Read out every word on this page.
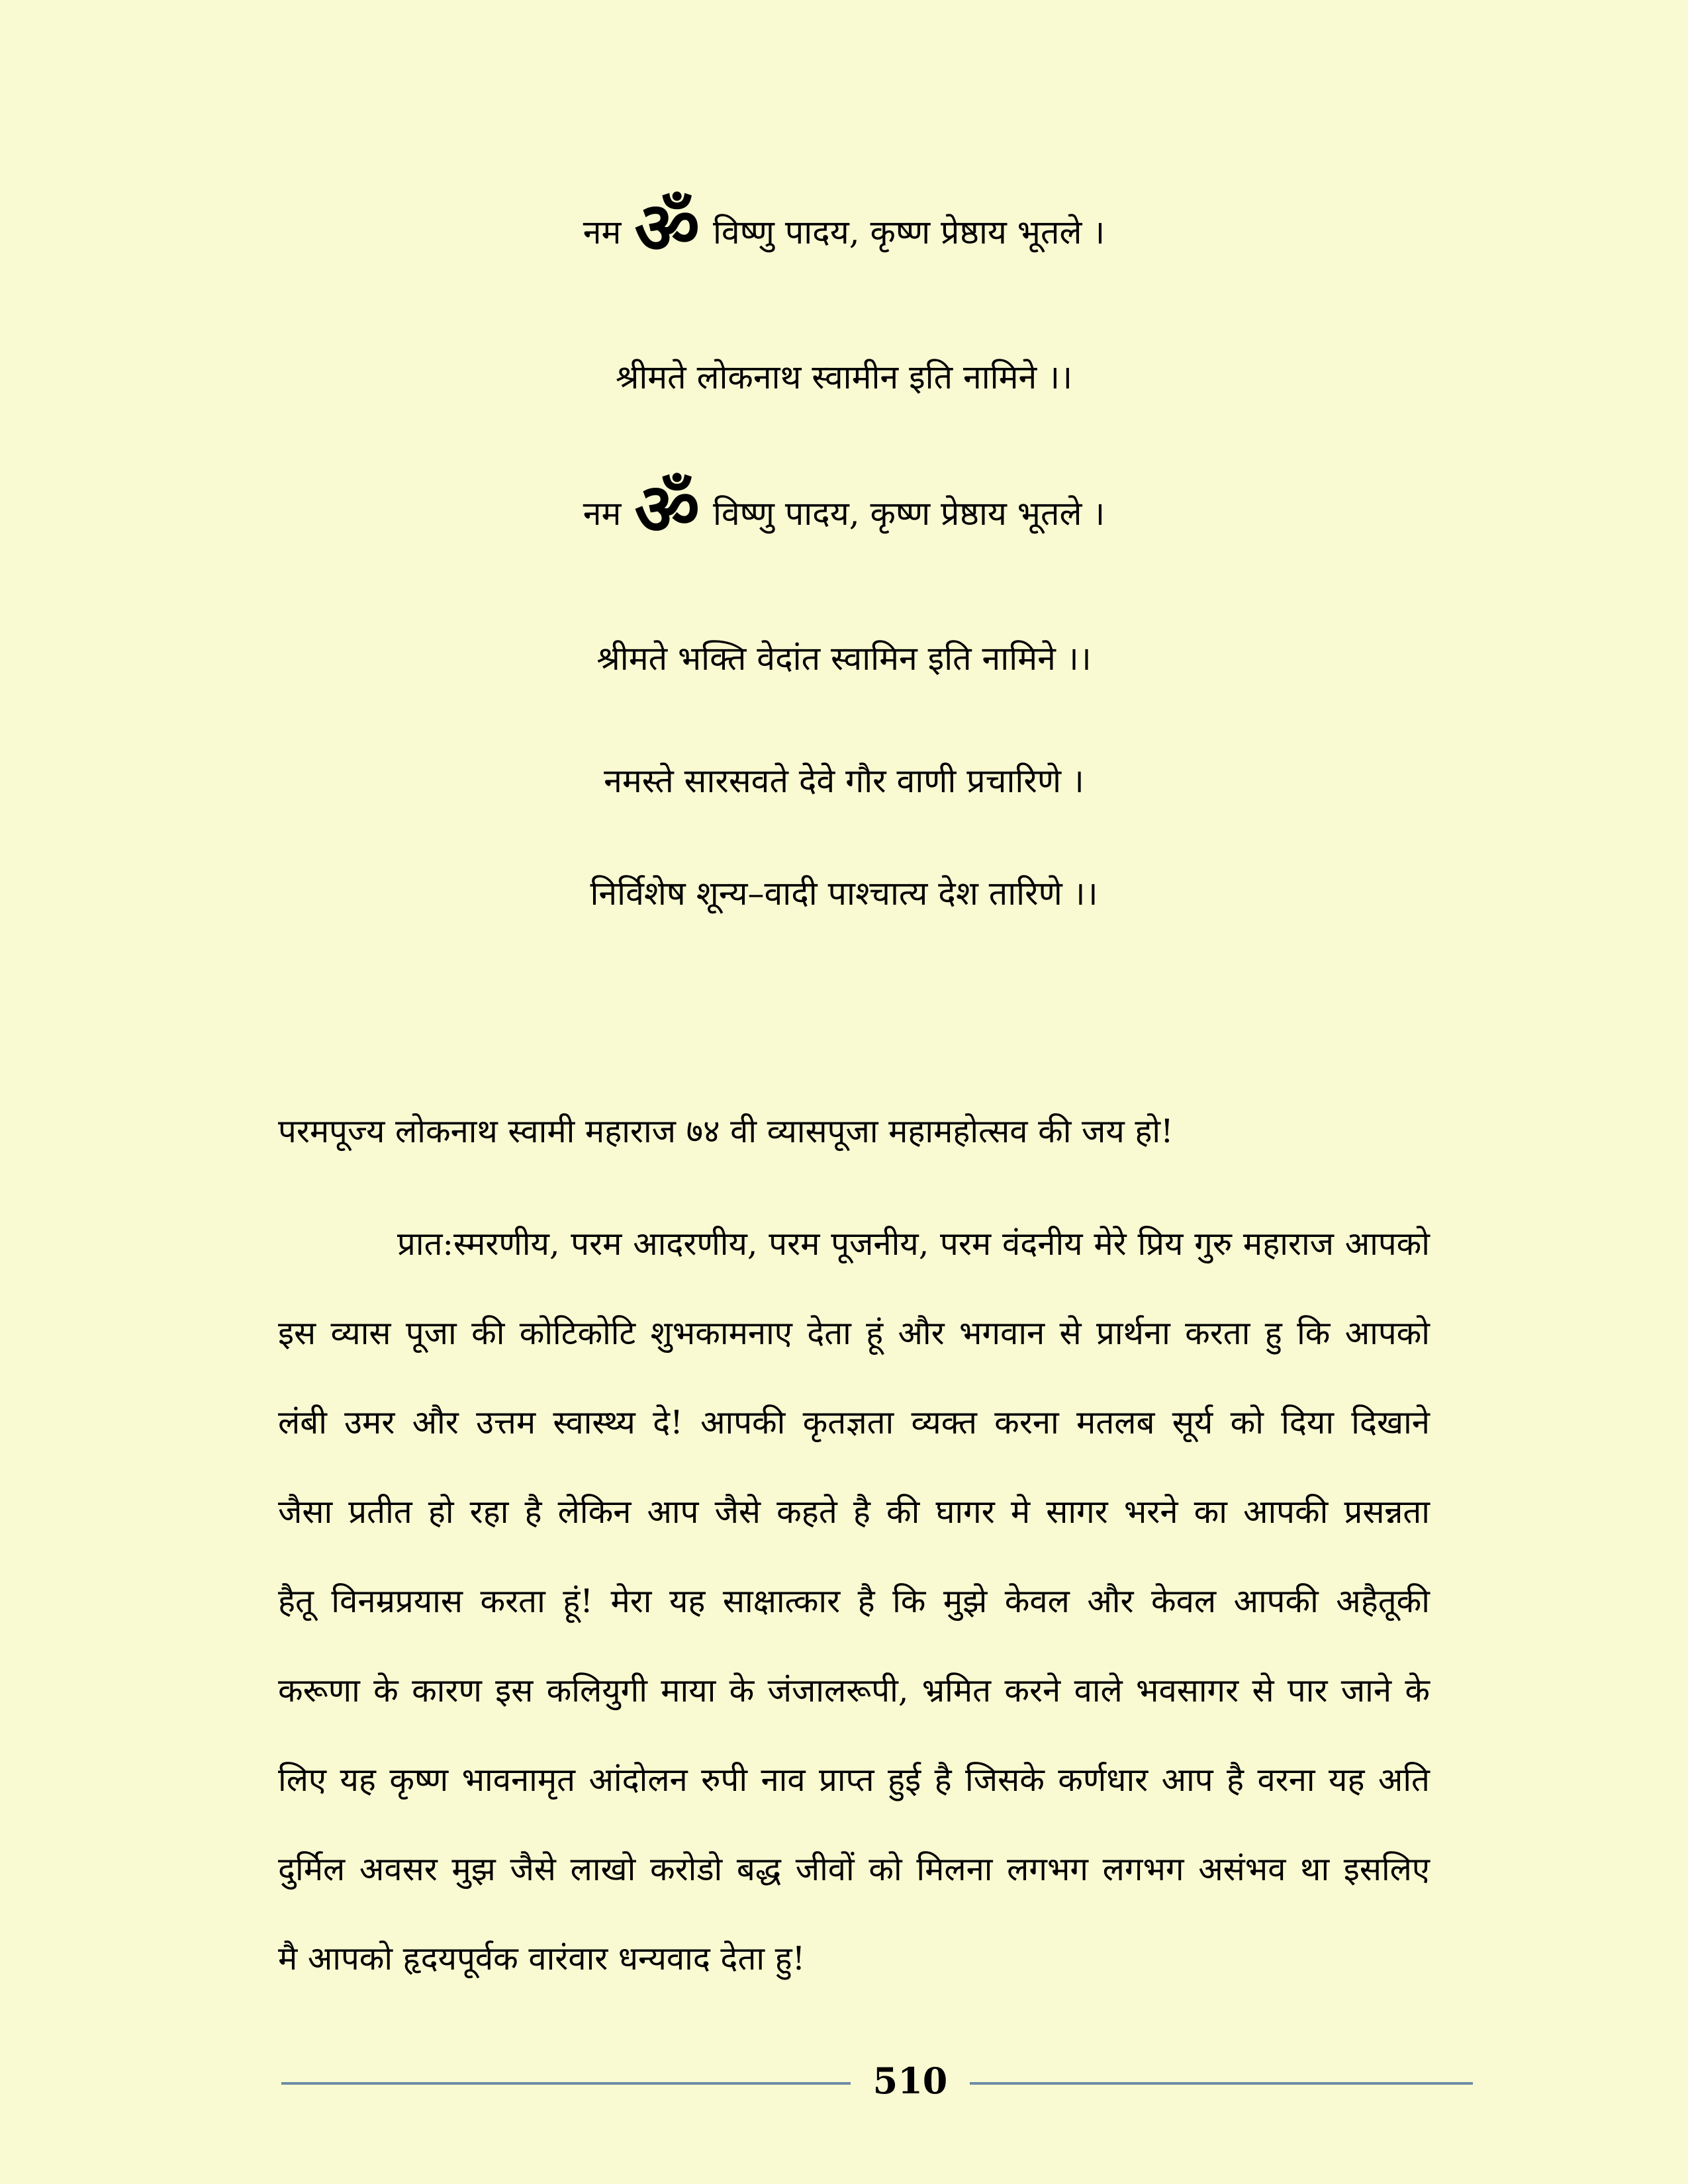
नम ॐ विष्णु पादय, कृष्ण प्रेष्ठाय भूतले ।
श्रीमते लोकनाथ स्वामीन इति नामिने ।।
नम ॐ विष्णु पादय, कृष्ण प्रेष्ठाय भूतले ।
श्रीमते भक्ति वेदांत स्वामिन इति नामिने ।।
नमस्ते सारसवते देवे गौर वाणी प्रचारिणे ।
निर्विशेष शून्य–वादी पाश्चात्य देश तारिणे ।।
परमपूज्य लोकनाथ स्वामी महाराज ७४ वी व्यासपूजा महामहोत्सव की जय हो!
प्रात:स्मरणीय, परम आदरणीय, परम पूजनीय, परम वंदनीय मेरे प्रिय गुरु महाराज आपको
इस व्यास पूजा की कोटिकोटि शुभकामनाए देता हूं और भगवान से प्रार्थना करता हु कि आपको
लंबी उमर और उत्तम स्वास्थ्य दे! आपकी कृतज्ञता व्यक्त करना मतलब सूर्य को दिया दिखाने
जैसा प्रतीत हो रहा है लेकिन आप जैसे कहते है की घागर मे सागर भरने का आपकी प्रसन्नता
हैतू विनम्रप्रयास करता हूं! मेरा यह साक्षात्कार है कि मुझे केवल और केवल आपकी अहैतूकी
करूणा के कारण इस कलियुगी माया के जंजालरूपी, भ्रमित करने वाले भवसागर से पार जाने के
लिए यह कृष्ण भावनामृत आंदोलन रुपी नाव प्राप्त हुई है जिसके कर्णधार आप है वरना यह अति
दुर्मिल अवसर मुझ जैसे लाखो करोडो बद्ध जीवों को मिलना लगभग लगभग असंभव था इसलिए
मै आपको हृदयपूर्वक वारंवार धन्यवाद देता हु!
510
